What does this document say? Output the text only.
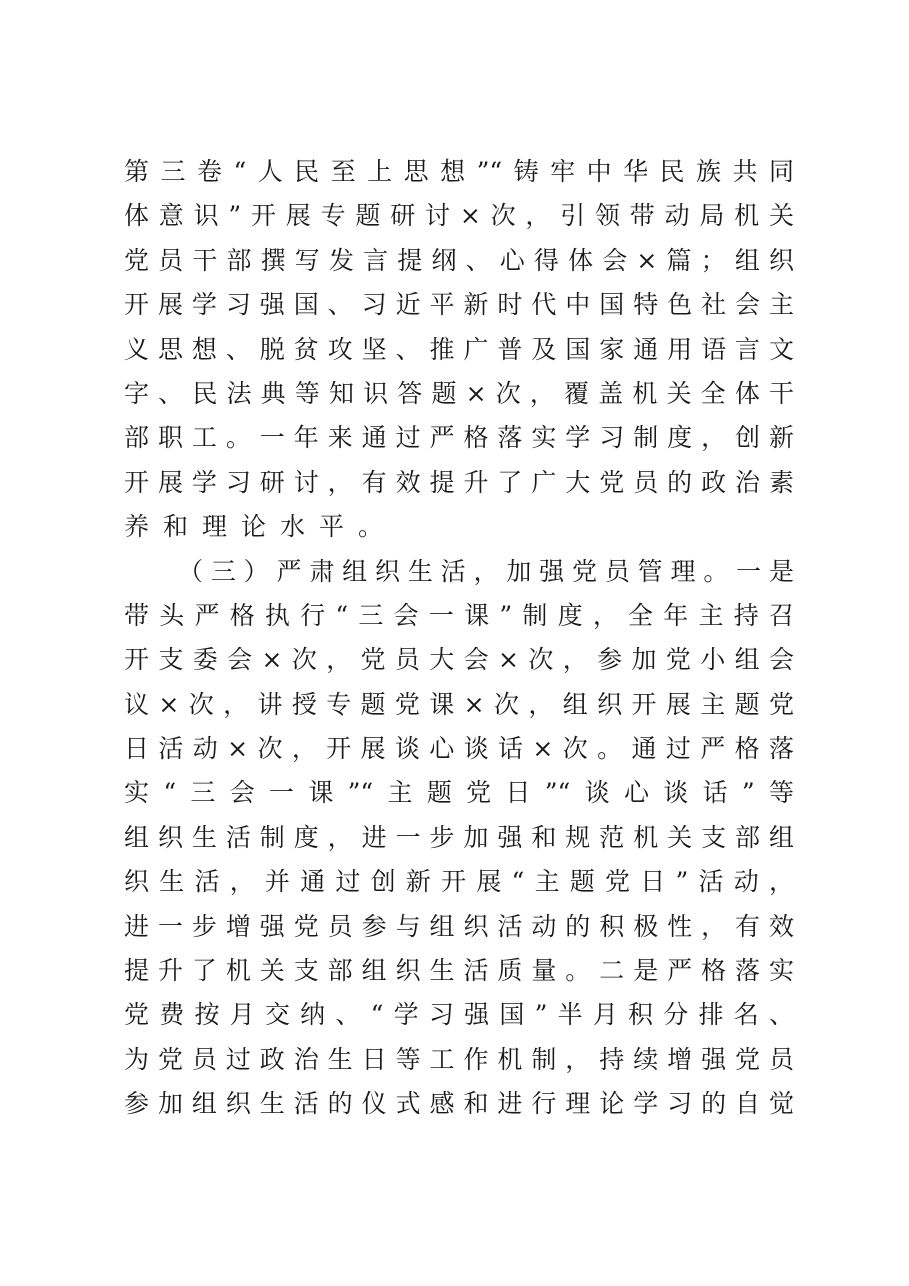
第三卷“人民至上思想”“铸牢中华民族共同
体意识”开展专题研讨×次，引领带动局机关
党员干部撰写发言提纲、心得体会×篇；组织
开展学习强国、习近平新时代中国特色社会主
义思想、脱贫攻坚、推广普及国家通用语言文
字、民法典等知识答题×次，覆盖机关全体干
部职工。一年来通过严格落实学习制度，创新
开展学习研讨，有效提升了广大党员的政治素
养和理论水平。
（三）严肃组织生活，加强党员管理。一是
带头严格执行“三会一课”制度，全年主持召
开支委会×次，党员大会×次，参加党小组会
议×次，讲授专题党课×次，组织开展主题党
日活动×次，开展谈心谈话×次。通过严格落
实“三会一课”“主题党日”“谈心谈话”等
组织生活制度，进一步加强和规范机关支部组
织生活，并通过创新开展“主题党日”活动，
进一步增强党员参与组织活动的积极性，有效
提升了机关支部组织生活质量。二是严格落实
党费按月交纳、“学习强国”半月积分排名、
为党员过政治生日等工作机制，持续增强党员
参加组织生活的仪式感和进行理论学习的自觉
